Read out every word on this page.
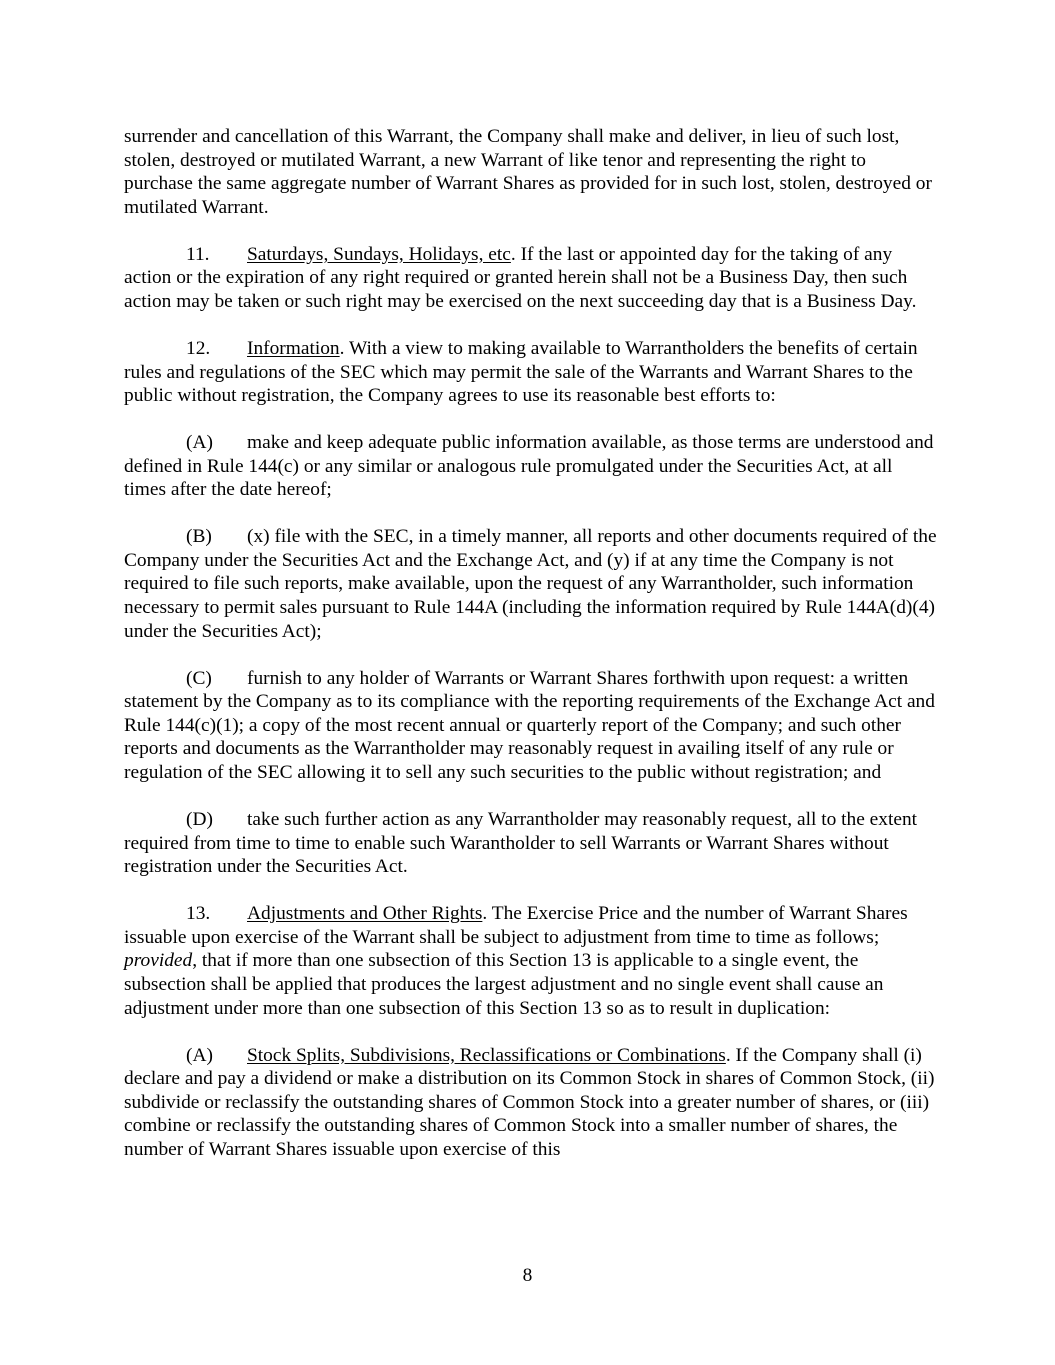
surrender and cancellation of this Warrant, the Company shall make and deliver, in lieu of such lost, stolen, destroyed or mutilated Warrant, a new Warrant of like tenor and representing the right to purchase the same aggregate number of Warrant Shares as provided for in such lost, stolen, destroyed or mutilated Warrant.

11. Saturdays, Sundays, Holidays, etc. If the last or appointed day for the taking of any action or the expiration of any right required or granted herein shall not be a Business Day, then such action may be taken or such right may be exercised on the next succeeding day that is a Business Day.

12. Information. With a view to making available to Warrantholders the benefits of certain rules and regulations of the SEC which may permit the sale of the Warrants and Warrant Shares to the public without registration, the Company agrees to use its reasonable best efforts to:

(A) make and keep adequate public information available, as those terms are understood and defined in Rule 144(c) or any similar or analogous rule promulgated under the Securities Act, at all times after the date hereof;

(B) (x) file with the SEC, in a timely manner, all reports and other documents required of the Company under the Securities Act and the Exchange Act, and (y) if at any time the Company is not required to file such reports, make available, upon the request of any Warrantholder, such information necessary to permit sales pursuant to Rule 144A (including the information required by Rule 144A(d)(4) under the Securities Act);

(C) furnish to any holder of Warrants or Warrant Shares forthwith upon request: a written statement by the Company as to its compliance with the reporting requirements of the Exchange Act and Rule 144(c)(1); a copy of the most recent annual or quarterly report of the Company; and such other reports and documents as the Warrantholder may reasonably request in availing itself of any rule or regulation of the SEC allowing it to sell any such securities to the public without registration; and

(D) take such further action as any Warrantholder may reasonably request, all to the extent required from time to time to enable such Warantholder to sell Warrants or Warrant Shares without registration under the Securities Act.

13. Adjustments and Other Rights. The Exercise Price and the number of Warrant Shares issuable upon exercise of the Warrant shall be subject to adjustment from time to time as follows; provided, that if more than one subsection of this Section 13 is applicable to a single event, the subsection shall be applied that produces the largest adjustment and no single event shall cause an adjustment under more than one subsection of this Section 13 so as to result in duplication:

(A) Stock Splits, Subdivisions, Reclassifications or Combinations. If the Company shall (i) declare and pay a dividend or make a distribution on its Common Stock in shares of Common Stock, (ii) subdivide or reclassify the outstanding shares of Common Stock into a greater number of shares, or (iii) combine or reclassify the outstanding shares of Common Stock into a smaller number of shares, the number of Warrant Shares issuable upon exercise of this

8
